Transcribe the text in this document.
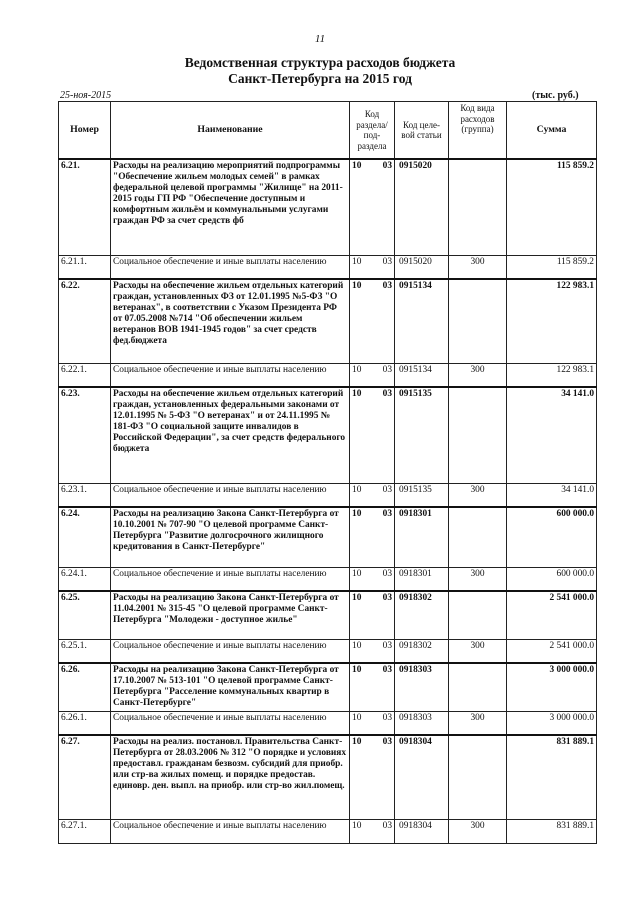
11
Ведомственная структура расходов бюджета
Санкт-Петербурга на 2015 год
25-ноя-2015	(тыс. руб.)
Номер	Наименование	Код раздела/ под- раздела		Код целе- вой статьи	Код вида расходов (группа)	Сумма
6.21.	Расходы на реализацию мероприятий подпрограммы "Обеспечение жильем молодых семей" в рамках федеральной целевой программы "Жилище" на 2011-2015 годы ГП РФ "Обеспечение доступным и комфортным жильём и коммунальными услугами граждан РФ за счет средств фб	10	03	0915020		115 859.2
6.21.1.	Социальное обеспечение и иные выплаты населению	10	03	0915020	300	115 859.2
6.22.	Расходы на обеспечение жильем отдельных категорий граждан, установленных ФЗ от 12.01.1995 №5-ФЗ "О ветеранах", в соответствии с Указом Президента РФ от 07.05.2008 №714 "Об обеспечении жильем ветеранов ВОВ 1941-1945 годов" за счет средств фед.бюджета	10	03	0915134		122 983.1
6.22.1.	Социальное обеспечение и иные выплаты населению	10	03	0915134	300	122 983.1
6.23.	Расходы на обеспечение жильем отдельных категорий граждан, установленных федеральными законами от 12.01.1995 № 5-ФЗ "О ветеранах" и от 24.11.1995 № 181-ФЗ "О социальной защите инвалидов в Российской Федерации", за счет средств федерального бюджета	10	03	0915135		34 141.0
6.23.1.	Социальное обеспечение и иные выплаты населению	10	03	0915135	300	34 141.0
6.24.	Расходы на реализацию Закона Санкт-Петербурга от 10.10.2001 № 707-90 "О целевой программе Санкт-Петербурга "Развитие долгосрочного жилищного кредитования в Санкт-Петербурге"	10	03	0918301		600 000.0
6.24.1.	Социальное обеспечение и иные выплаты населению	10	03	0918301	300	600 000.0
6.25.	Расходы на реализацию Закона Санкт-Петербурга от 11.04.2001 № 315-45 "О целевой программе Санкт-Петербурга "Молодежи - доступное жилье"	10	03	0918302		2 541 000.0
6.25.1.	Социальное обеспечение и иные выплаты населению	10	03	0918302	300	2 541 000.0
6.26.	Расходы на реализацию Закона Санкт-Петербурга от 17.10.2007 № 513-101 "О целевой программе Санкт-Петербурга "Расселение коммунальных квартир в Санкт-Петербурге"	10	03	0918303		3 000 000.0
6.26.1.	Социальное обеспечение и иные выплаты населению	10	03	0918303	300	3 000 000.0
6.27.	Расходы на реализ. постановл. Правительства Санкт-Петербурга от 28.03.2006 № 312 "О порядке и условиях предоставл. гражданам безвозм. субсидий для приобр. или стр-ва жилых помещ. и порядке предостав. единовр. ден. выпл. на приобр. или стр-во жил.помещ.	10	03	0918304		831 889.1
6.27.1.	Социальное обеспечение и иные выплаты населению	10	03	0918304	300	831 889.1
